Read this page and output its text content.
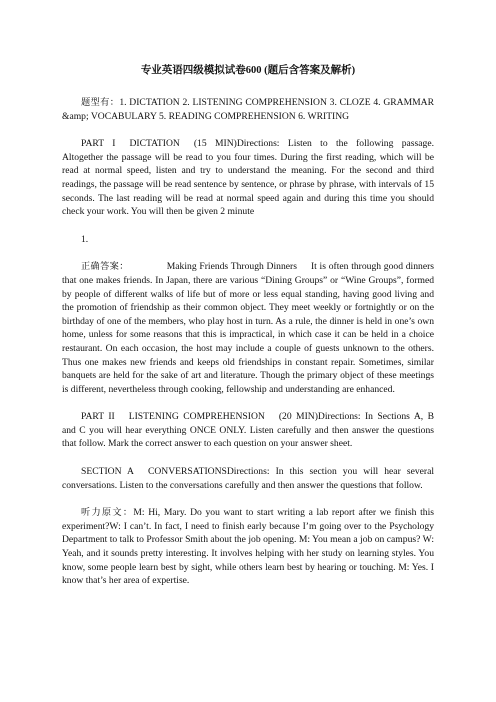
专业英语四级模拟试卷600 (题后含答案及解析)
题型有：1. DICTATION 2. LISTENING COMPREHENSION 3. CLOZE 4. GRAMMAR &amp; VOCABULARY 5. READING COMPREHENSION 6. WRITING
PART I DICTATION (15 MIN)Directions: Listen to the following passage. Altogether the passage will be read to you four times. During the first reading, which will be read at normal speed, listen and try to understand the meaning. For the second and third readings, the passage will be read sentence by sentence, or phrase by phrase, with intervals of 15 seconds. The last reading will be read at normal speed again and during this time you should check your work. You will then be given 2 minute
1.
正确答案：	Making Friends Through Dinners It is often through good dinners that one makes friends. In Japan, there are various “Dining Groups” or “Wine Groups”, formed by people of different walks of life but of more or less equal standing, having good living and the promotion of friendship as their common object. They meet weekly or fortnightly or on the birthday of one of the members, who play host in turn. As a rule, the dinner is held in one’s own home, unless for some reasons that this is impractical, in which case it can be held in a choice restaurant. On each occasion, the host may include a couple of guests unknown to the others. Thus one makes new friends and keeps old friendships in constant repair. Sometimes, similar banquets are held for the sake of art and literature. Though the primary object of these meetings is different, nevertheless through cooking, fellowship and understanding are enhanced.
PART II LISTENING COMPREHENSION (20 MIN)Directions: In Sections A, B and C you will hear everything ONCE ONLY. Listen carefully and then answer the questions that follow. Mark the correct answer to each question on your answer sheet.
SECTION A CONVERSATIONSDirections: In this section you will hear several conversations. Listen to the conversations carefully and then answer the questions that follow.
听力原文：M: Hi, Mary. Do you want to start writing a lab report after we finish this experiment?W: I can’t. In fact, I need to finish early because I’m going over to the Psychology Department to talk to Professor Smith about the job opening. M: You mean a job on campus? W: Yeah, and it sounds pretty interesting. It involves helping with her study on learning styles. You know, some people learn best by sight, while others learn best by hearing or touching. M: Yes. I know that’s her area of expertise.
